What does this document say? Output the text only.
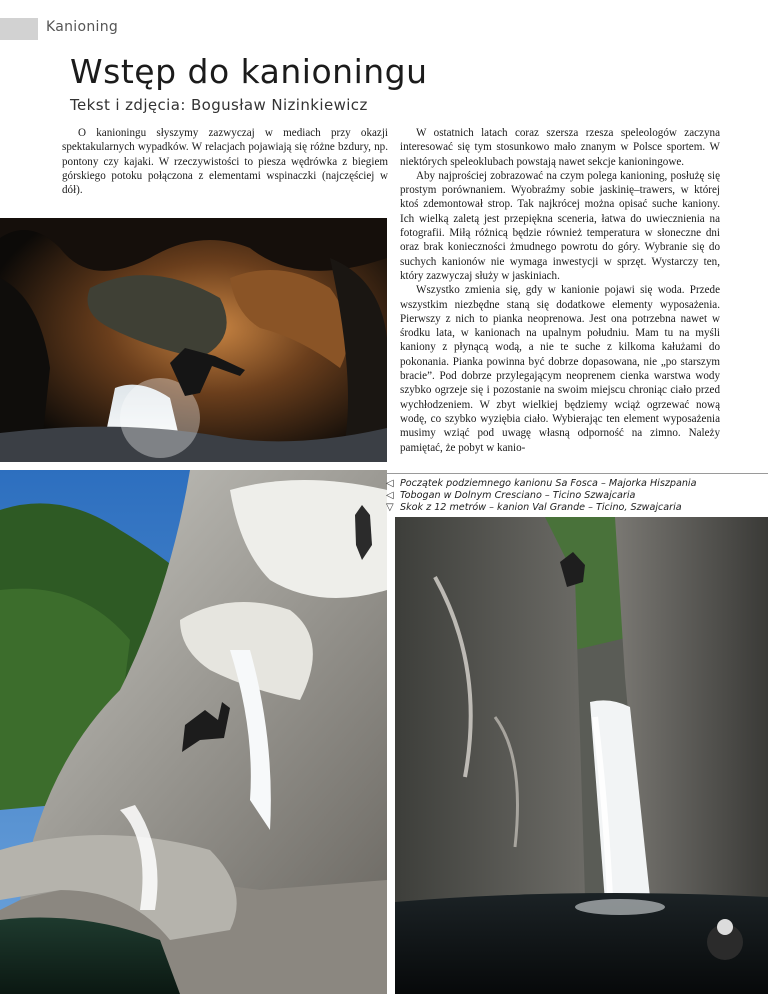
Kanioning
Wstęp do kanioningu
Tekst i zdjęcia: Bogusław Nizinkiewicz

O kanioningu słyszymy zazwyczaj w mediach przy okazji spektakularnych wypadków. W relacjach pojawiają się różne bzdury, np. pontony czy kajaki. W rzeczywistości to piesza wędrówka z biegiem górskiego potoku połączona z elementami wspinaczki (najczęściej w dół).

W ostatnich latach coraz szersza rzesza speleologów zaczyna interesować się tym stosunkowo mało znanym w Polsce sportem. W niektórych speleoklubach powstają nawet sekcje kanioningowe.

Aby najprościej zobrazować na czym polega kanioning, posłużę się prostym porównaniem. Wyobraźmy sobie jaskinię–trawers, w której ktoś zdemontował strop. Tak najkrócej można opisać suche kaniony. Ich wielką zaletą jest przepiękna sceneria, łatwa do uwiecznienia na fotografii. Miłą różnicą będzie również temperatura w słoneczne dni oraz brak konieczności żmudnego powrotu do góry. Wybranie się do suchych kanionów nie wymaga inwestycji w sprzęt. Wystarczy ten, który zazwyczaj służy w jaskiniach.

Wszystko zmienia się, gdy w kanionie pojawi się woda. Przede wszystkim niezbędne staną się dodatkowe elementy wyposażenia. Pierwszy z nich to pianka neoprenowa. Jest ona potrzebna nawet w środku lata, w kanionach na upalnym południu. Mam tu na myśli kaniony z płynącą wodą, a nie te suche z kilkoma kałużami do pokonania. Pianka powinna być dobrze dopasowana, nie „po starszym bracie”. Pod dobrze przylegającym neoprenem cienka warstwa wody szybko ogrzeje się i pozostanie na swoim miejscu chroniąc ciało przed wychłodzeniem. W zbyt wielkiej będziemy wciąż ogrzewać nową wodę, co szybko wyziębia ciało. Wybierając ten element wyposażenia musimy wziąć pod uwagę własną odporność na zimno. Należy pamiętać, że pobyt w kanio-

◁ Początek podziemnego kanionu Sa Fosca – Majorka Hiszpania
◁ Tobogan w Dolnym Cresciano – Ticino Szwajcaria
▽ Skok z 12 metrów – kanion Val Grande – Ticino, Szwajcaria
